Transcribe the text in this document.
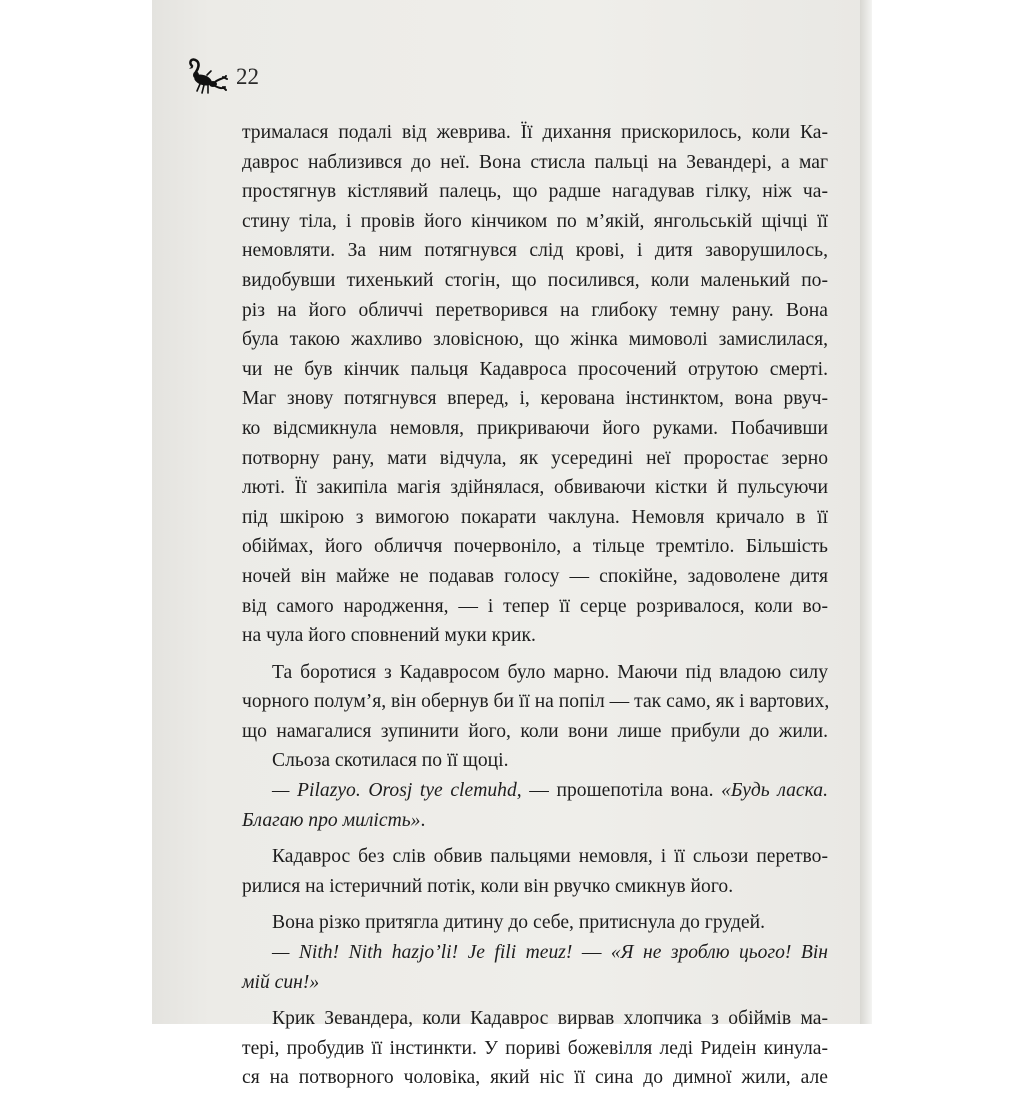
22
трималася подалі від жеврива. Її дихання прискорилось, коли Ка-
даврос наблизився до неї. Вона стисла пальці на Зевандері, а маг
простягнув кістлявий палець, що радше нагадував гілку, ніж ча-
стину тіла, і провів його кінчиком по м’якій, янгольській щічці її
немовляти. За ним потягнувся слід крові, і дитя заворушилось,
видобувши тихенький стогін, що посилився, коли маленький по-
різ на його обличчі перетворився на глибоку темну рану. Вона
була такою жахливо зловісною, що жінка мимоволі замислилася,
чи не був кінчик пальця Кадавроса просочений отрутою смерті.
Маг знову потягнувся вперед, і, керована інстинктом, вона рвуч-
ко відсмикнула немовля, прикриваючи його руками. Побачивши
потворну рану, мати відчула, як усередині неї проростає зерно
люті. Її закипіла магія здійнялася, обвиваючи кістки й пульсуючи
під шкірою з вимогою покарати чаклуна. Немовля кричало в її
обіймах, його обличчя почервоніло, а тільце тремтіло. Більшість
ночей він майже не подавав голосу — спокійне, задоволене дитя
від самого народження, — і тепер її серце розривалося, коли во-
на чула його сповнений муки крик.
Та боротися з Кадавросом було марно. Маючи під владою силу
чорного полум’я, він обернув би її на попіл — так само, як і вартових,
що намагалися зупинити його, коли вони лише прибули до жили.
Сльоза скотилася по її щоці.
— Pilazyo. Orosj tye clemuhd, — прошепотіла вона. «Будь ласка.
Благаю про милість».
Кадаврос без слів обвив пальцями немовля, і її сльози перетво-
рилися на істеричний потік, коли він рвучко смикнув його.
Вона різко притягла дитину до себе, притиснула до грудей.
— Nith! Nith hazjo’li! Je fili meuz! — «Я не зроблю цього! Він
мій син!»
Крик Зевандера, коли Кадаврос вирвав хлопчика з обіймів ма-
тері, пробудив її інстинкти. У пориві божевілля леді Ридеін кинула-
ся на потворного чоловіка, який ніс її сина до димної жили, але
